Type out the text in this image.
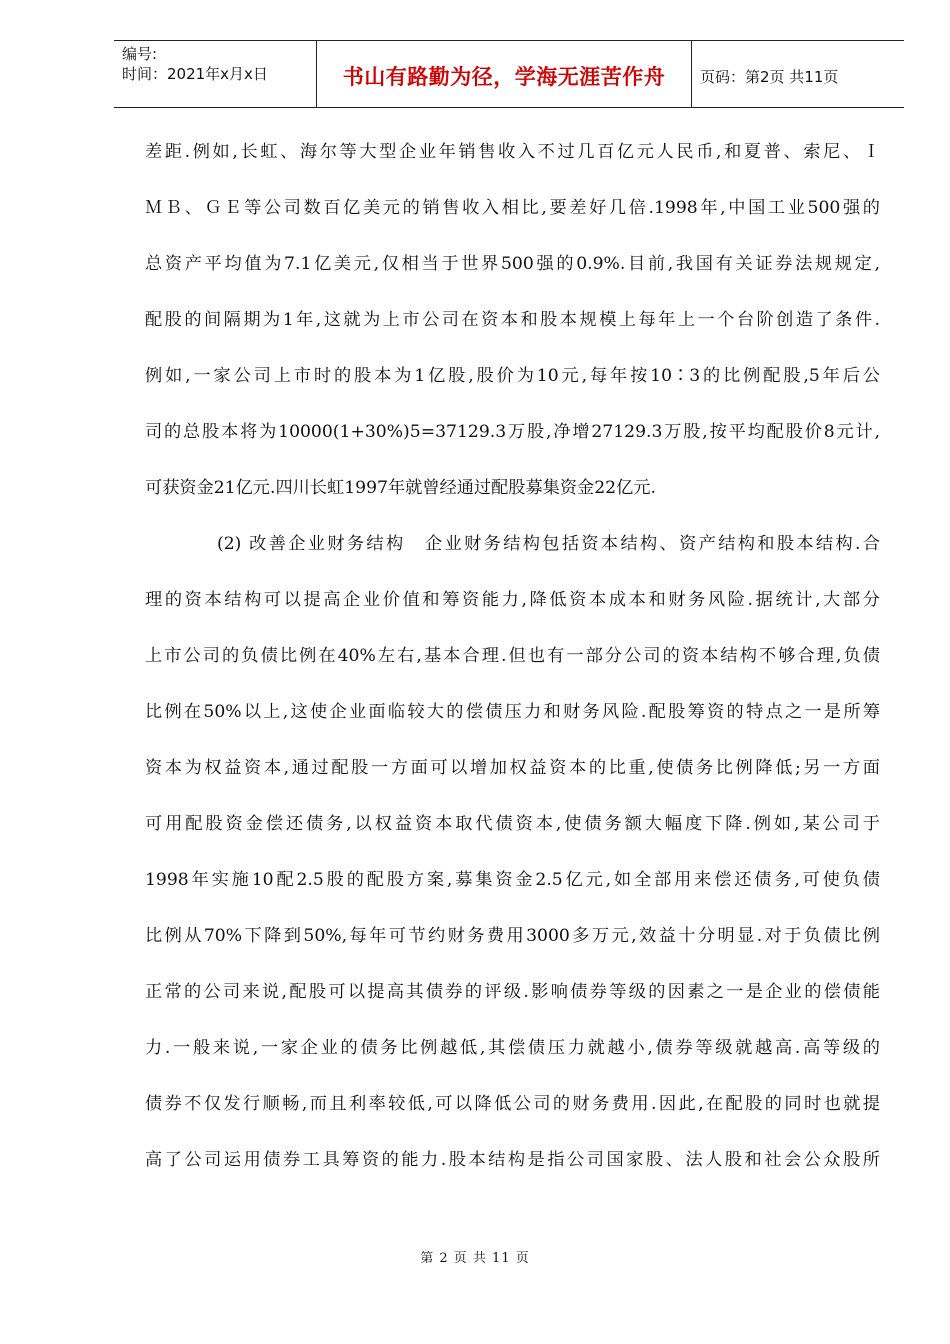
编号:
时间：2021年x月x日	书山有路勤为径，学海无涯苦作舟 页码：第2页 共11页
差距.例如,长虹、海尔等大型企业年销售收入不过几百亿元人民币,和夏普、索尼、Ｉ
ＭＢ、ＧＥ等公司数百亿美元的销售收入相比,要差好几倍.1998年,中国工业500强的
总资产平均值为7.1亿美元,仅相当于世界500强的0.9%.目前,我国有关证券法规规定,
配股的间隔期为1年,这就为上市公司在资本和股本规模上每年上一个台阶创造了条件.
例如,一家公司上市时的股本为1亿股,股价为10元,每年按10∶3的比例配股,5年后公
司的总股本将为10000(1+30%)5=37129.3万股,净增27129.3万股,按平均配股价8元计,
可获资金21亿元.四川长虹1997年就曾经通过配股募集资金22亿元.
(2) 改善企业财务结构　企业财务结构包括资本结构、资产结构和股本结构.合
理的资本结构可以提高企业价值和筹资能力,降低资本成本和财务风险.据统计,大部分
上市公司的负债比例在40%左右,基本合理.但也有一部分公司的资本结构不够合理,负债
比例在50%以上,这使企业面临较大的偿债压力和财务风险.配股筹资的特点之一是所筹
资本为权益资本,通过配股一方面可以增加权益资本的比重,使债务比例降低;另一方面
可用配股资金偿还债务,以权益资本取代债资本,使债务额大幅度下降.例如,某公司于
1998年实施10配2.5股的配股方案,募集资金2.5亿元,如全部用来偿还债务,可使负债
比例从70%下降到50%,每年可节约财务费用3000多万元,效益十分明显.对于负债比例
正常的公司来说,配股可以提高其债券的评级.影响债券等级的因素之一是企业的偿债能
力.一般来说,一家企业的债务比例越低,其偿债压力就越小,债券等级就越高.高等级的
债券不仅发行顺畅,而且利率较低,可以降低公司的财务费用.因此,在配股的同时也就提
高了公司运用债券工具筹资的能力.股本结构是指公司国家股、法人股和社会公众股所
第 2 页 共 11 页
